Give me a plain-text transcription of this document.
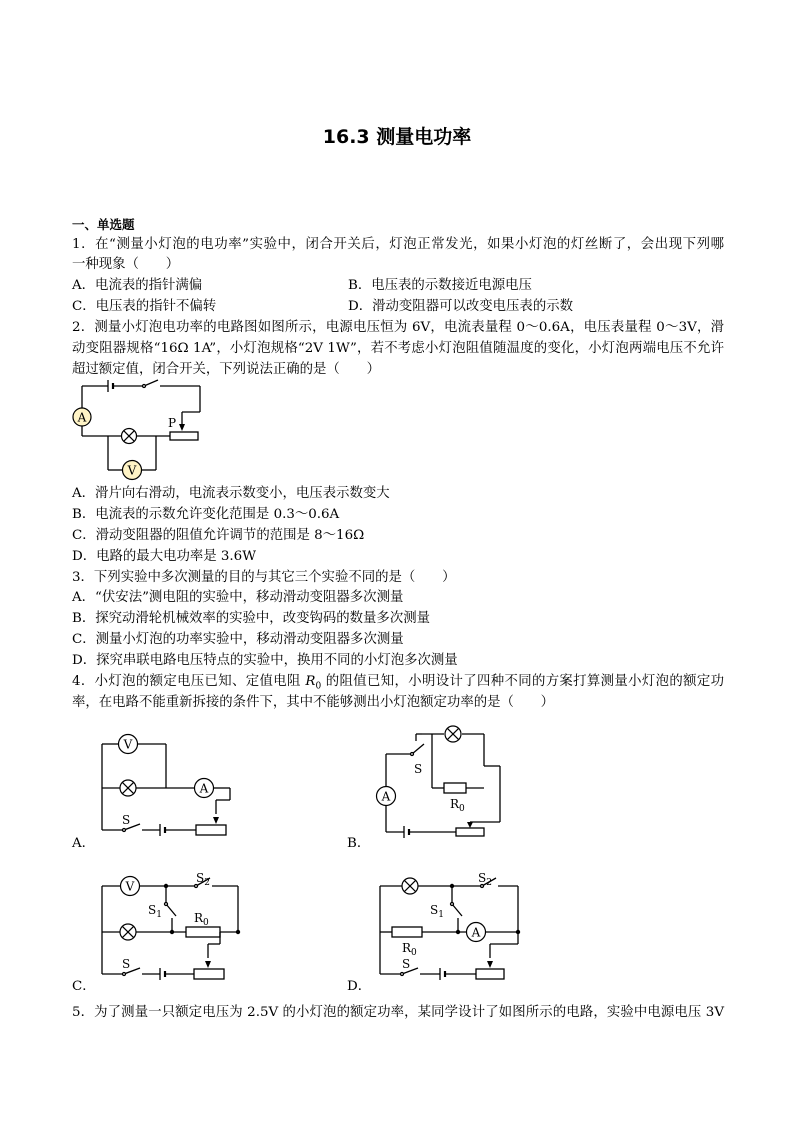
16.3 测量电功率
一、单选题
1．在“测量小灯泡的电功率”实验中，闭合开关后，灯泡正常发光，如果小灯泡的灯丝断了，会出现下列哪
一种现象（　　）
A．电流表的指针满偏	B．电压表的示数接近电源电压
C．电压表的指针不偏转	D．滑动变阻器可以改变电压表的示数
2．测量小灯泡电功率的电路图如图所示，电源电压恒为 6V，电流表量程 0～0.6A，电压表量程 0～3V，滑
动变阻器规格“16Ω 1A”，小灯泡规格“2V 1W”，若不考虑小灯泡阻值随温度的变化，小灯泡两端电压不允许
超过额定值，闭合开关，下列说法正确的是（　　）
A
V
P
A．滑片向右滑动，电流表示数变小，电压表示数变大
B．电流表的示数允许变化范围是 0.3～0.6A
C．滑动变阻器的阻值允许调节的范围是 8～16Ω
D．电路的最大电功率是 3.6W
3．下列实验中多次测量的目的与其它三个实验不同的是（　　）
A．“伏安法”测电阻的实验中，移动滑动变阻器多次测量
B．探究动滑轮机械效率的实验中，改变钩码的数量多次测量
C．测量小灯泡的功率实验中，移动滑动变阻器多次测量
D．探究串联电路电压特点的实验中，换用不同的小灯泡多次测量
4．小灯泡的额定电压已知、定值电阻 $R_0$ 的阻值已知，小明设计了四种不同的方案打算测量小灯泡的额定功
率，在电路不能重新拆接的条件下，其中不能够测出小灯泡额定功率的是（　　）
A．
V
A
S
B．
A
S
$R_0$
C．
V
$S_2$
$S_1$	$R_0$
S
D．
A
$S_2$
$S_1$
$R_0$
S
5．为了测量一只额定电压为 2.5V 的小灯泡的额定功率，某同学设计了如图所示的电路，实验中电源电压 3V
